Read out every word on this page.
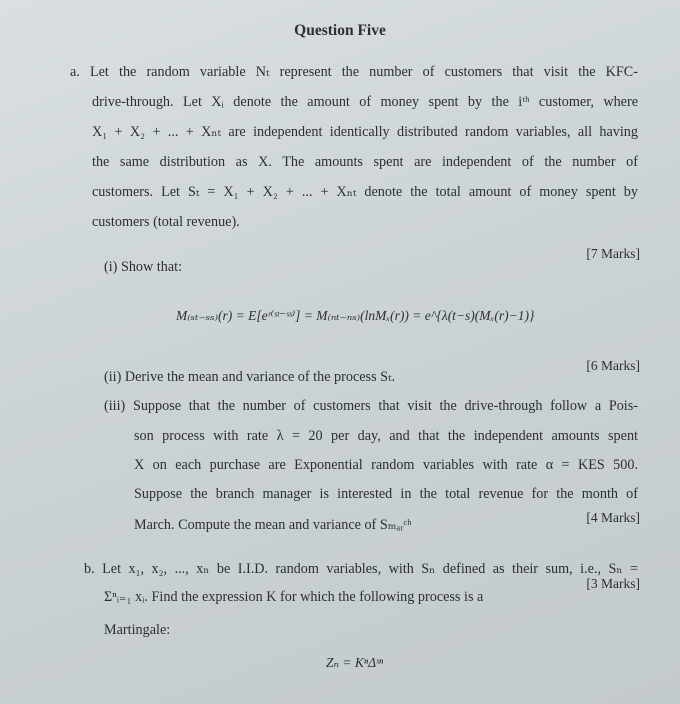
Question Five
a. Let the random variable Nₜ represent the number of customers that visit the KFC-
drive-through. Let Xᵢ denote the amount of money spent by the iᵗʰ customer, where
X₁ + X₂ + ... + Xₙₜ are independent identically distributed random variables, all having
the same distribution as X. The amounts spent are independent of the number of
customers. Let Sₜ = X₁ + X₂ + ... + Xₙₜ denote the total amount of money spent by
customers (total revenue).
(i) Show that:
[7 Marks]
M₍ₛₜ₋ₛₛ₎(r) = E[eʳ⁽ˢᵗ⁻ˢˢ⁾] = M₍ₙₜ₋ₙₛ₎(lnMₓ(r)) = e^{λ(t−s)(Mₓ(r)−1)}
(ii) Derive the mean and variance of the process Sₜ.
[6 Marks]
(iii) Suppose that the number of customers that visit the drive-through follow a Pois-
son process with rate λ = 20 per day, and that the independent amounts spent
X on each purchase are Exponential random variables with rate α = KES 500.
Suppose the branch manager is interested in the total revenue for the month of
March. Compute the mean and variance of Sₘₐᵣᶜʰ	[4 Marks]
b. Let x₁, x₂, ..., xₙ be I.I.D. random variables, with Sₙ defined as their sum, i.e., Sₙ =
Σⁿᵢ₌₁ xᵢ. Find the expression K for which the following process is a
[3 Marks]
Martingale:
Zₙ = KⁿΔˢⁿ
